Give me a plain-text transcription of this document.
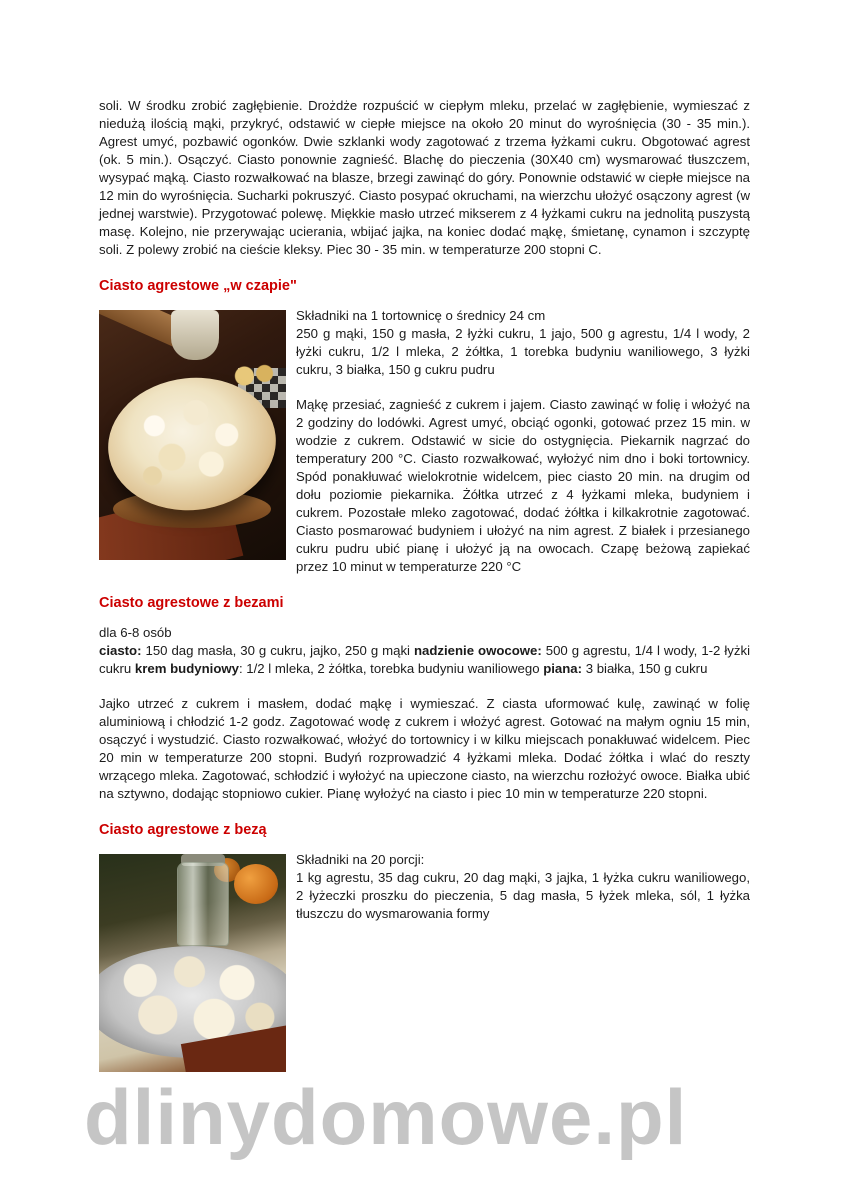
soli. W środku zrobić zagłębienie. Drożdże rozpuścić w ciepłym mleku, przelać w zagłębienie, wymieszać z niedużą ilością mąki, przykryć, odstawić w ciepłe miejsce na około 20 minut do wyrośnięcia (30 - 35 min.). Agrest umyć, pozbawić ogonków. Dwie szklanki wody zagotować z trzema łyżkami cukru. Obgotować agrest (ok. 5 min.). Osączyć. Ciasto ponownie zagnieść. Blachę do pieczenia (30X40 cm) wysmarować tłuszczem, wysypać mąką. Ciasto rozwałkować na blasze, brzegi zawinąć do góry. Ponownie odstawić w ciepłe miejsce na 12 min do wyrośnięcia. Sucharki pokruszyć. Ciasto posypać okruchami, na wierzchu ułożyć osączony agrest (w jednej warstwie). Przygotować polewę. Miękkie masło utrzeć mikserem z 4 łyżkami cukru na jednolitą puszystą masę. Kolejno, nie przerywając ucierania, wbijać jajka, na koniec dodać mąkę, śmietanę, cynamon i szczyptę soli. Z polewy zrobić na cieście kleksy. Piec 30 - 35 min. w temperaturze 200 stopni C.

Ciasto agrestowe „w czapie"

Składniki na 1 tortownicę o średnicy 24 cm

250 g mąki, 150 g masła, 2 łyżki cukru, 1 jajo, 500 g agrestu, 1/4 l wody, 2 łyżki cukru, 1/2 l mleka, 2 żółtka, 1 torebka budyniu waniliowego, 3 łyżki cukru, 3 białka, 150 g cukru pudru

Mąkę przesiać, zagnieść z cukrem i jajem. Ciasto zawinąć w folię i włożyć na 2 godziny do lodówki. Agrest umyć, obciąć ogonki, gotować przez 15 min. w wodzie z cukrem. Odstawić w sicie do ostygnięcia. Piekarnik nagrzać do temperatury 200 °C. Ciasto rozwałkować, wyłożyć nim dno i boki tortownicy. Spód ponakłuwać wielokrotnie widelcem, piec ciasto 20 min. na drugim od dołu poziomie piekarnika. Żółtka utrzeć z 4 łyżkami mleka, budyniem i cukrem. Pozostałe mleko zagotować, dodać żółtka i kilkakrotnie zagotować. Ciasto posmarować budyniem i ułożyć na nim agrest. Z białek i przesianego cukru pudru ubić pianę i ułożyć ją na owocach. Czapę beżową zapiekać przez 10 minut w temperaturze 220 °C

Ciasto agrestowe z bezami

dla 6-8 osób

ciasto: 150 dag masła, 30 g cukru, jajko, 250 g mąki nadzienie owocowe: 500 g agrestu, 1/4 l wody, 1-2 łyżki cukru krem budyniowy: 1/2 l mleka, 2 żółtka, torebka budyniu waniliowego piana: 3 białka, 150 g cukru

Jajko utrzeć z cukrem i masłem, dodać mąkę i wymieszać. Z ciasta uformować kulę, zawinąć w folię aluminiową i chłodzić 1-2 godz. Zagotować wodę z cukrem i włożyć agrest. Gotować na małym ogniu 15 min, osączyć i wystudzić. Ciasto rozwałkować, włożyć do tortownicy i w kilku miejscach ponakłuwać widelcem. Piec 20 min w temperaturze 200 stopni. Budyń rozprowadzić 4 łyżkami mleka. Dodać żółtka i wlać do reszty wrzącego mleka. Zagotować, schłodzić i wyłożyć na upieczone ciasto, na wierzchu rozłożyć owoce. Białka ubić na sztywno, dodając stopniowo cukier. Pianę wyłożyć na ciasto i piec 10 min w temperaturze 220 stopni.

Ciasto agrestowe z bezą

Składniki na 20 porcji:

1 kg agrestu, 35 dag cukru, 20 dag mąki, 3 jajka, 1 łyżka cukru waniliowego, 2 łyżeczki proszku do pieczenia, 5 dag masła, 5 łyżek mleka, sól, 1 łyżka tłuszczu do wysmarowania formy

dlinydomowe.pl
